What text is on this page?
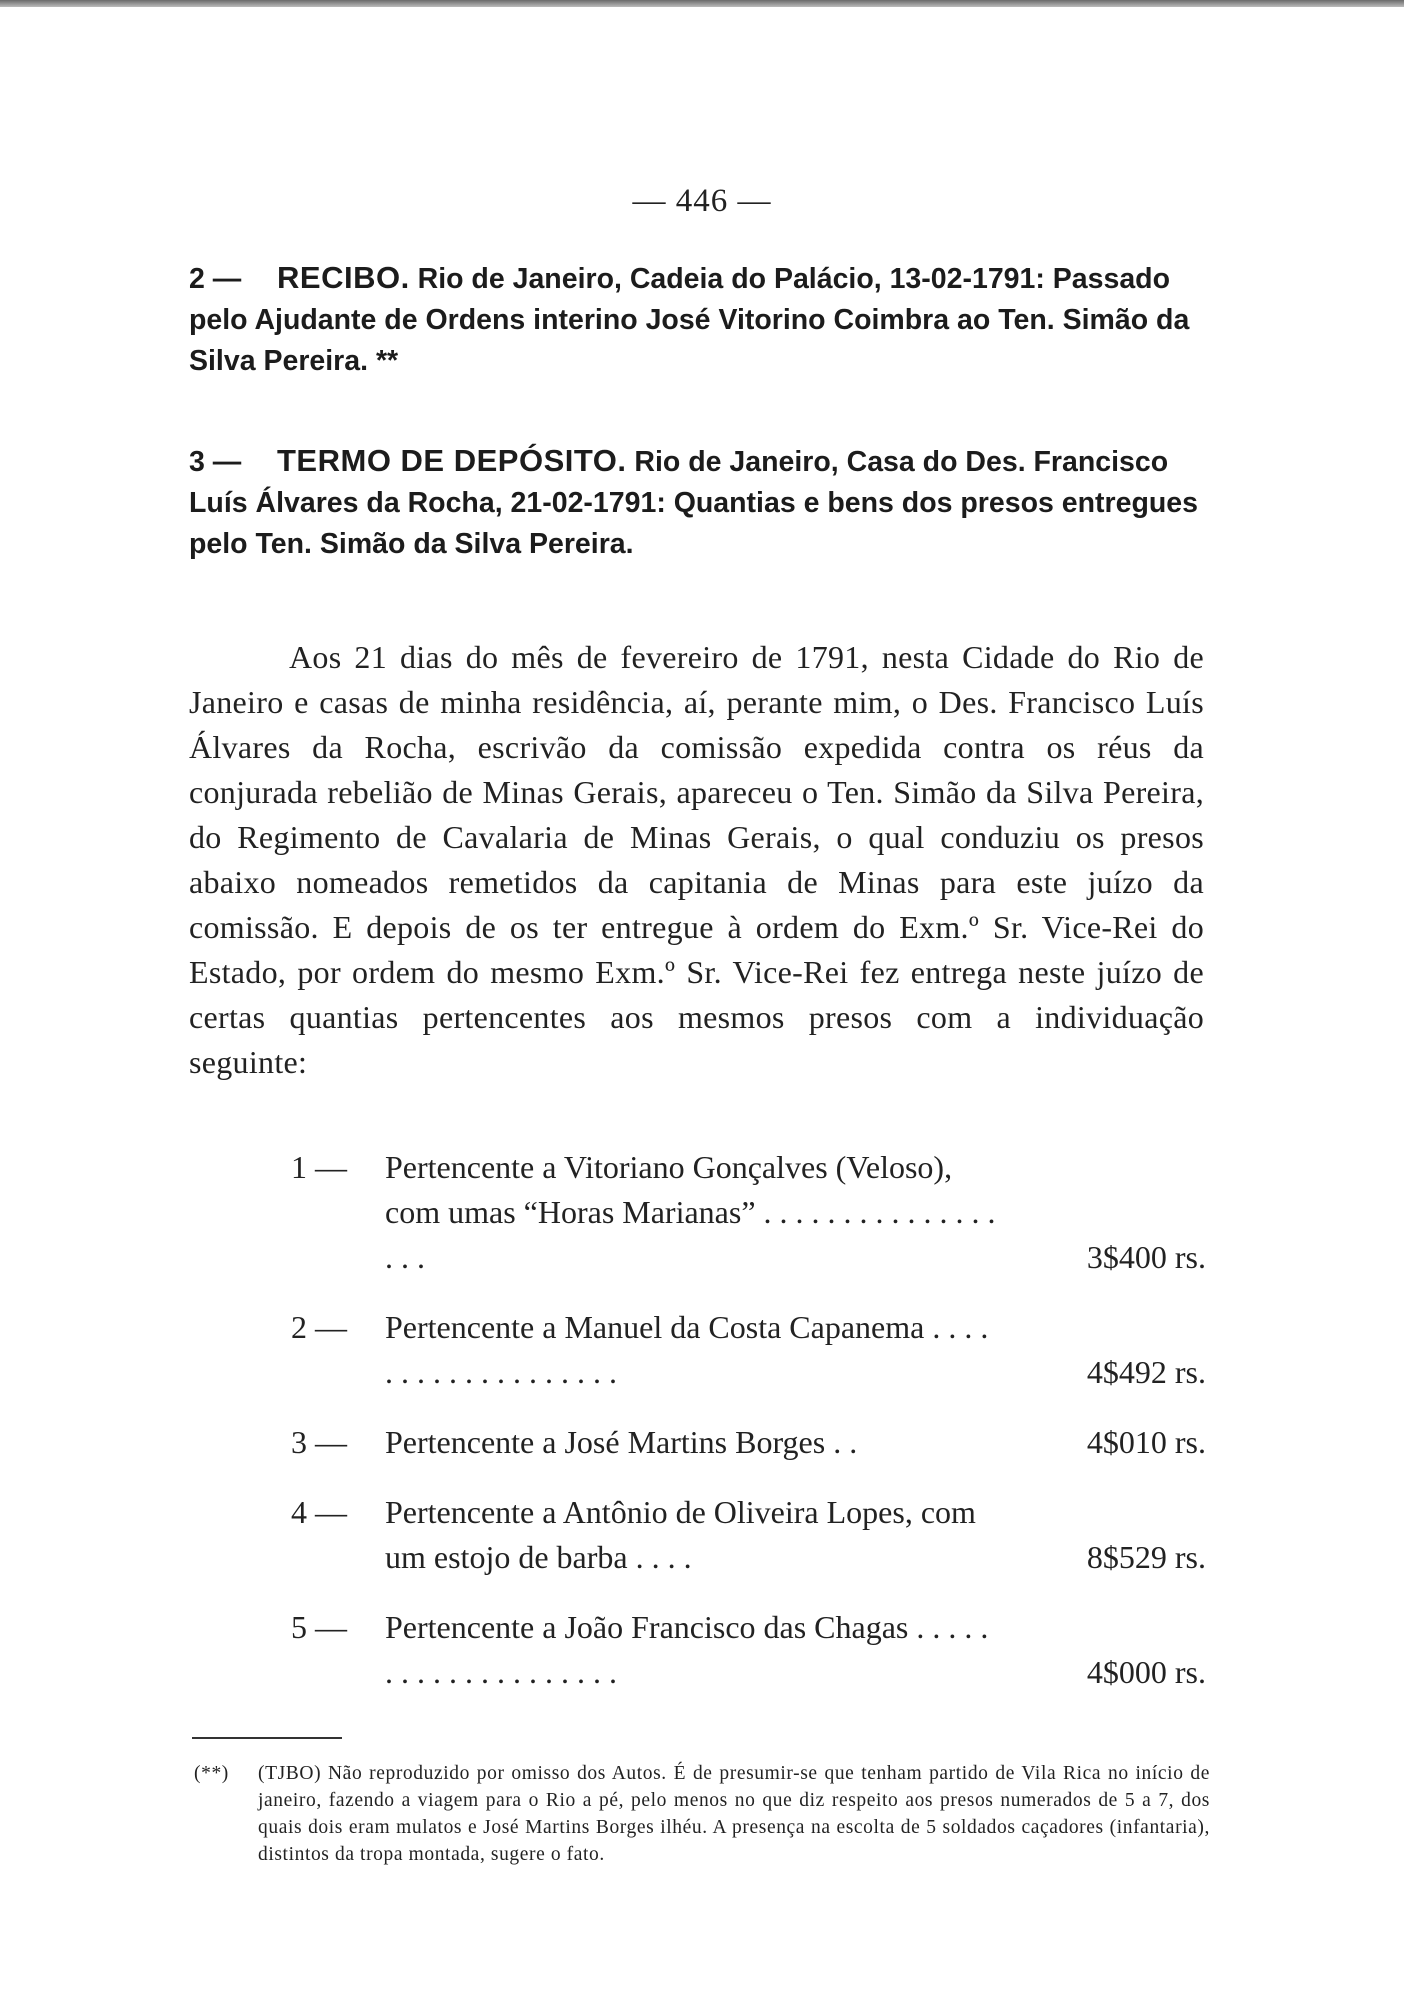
— 446 —
2 — RECIBO. Rio de Janeiro, Cadeia do Palácio, 13-02-1791: Passado pelo Ajudante de Ordens interino José Vitorino Coimbra ao Ten. Simão da Silva Pereira. **
3 — TERMO DE DEPÓSITO. Rio de Janeiro, Casa do Des. Francisco Luís Álvares da Rocha, 21-02-1791: Quantias e bens dos presos entregues pelo Ten. Simão da Silva Pereira.

Aos 21 dias do mês de fevereiro de 1791, nesta Cidade do Rio de Janeiro e casas de minha residência, aí, perante mim, o Des. Francisco Luís Álvares da Rocha, escrivão da comissão expedida contra os réus da conjurada rebelião de Minas Gerais, apareceu o Ten. Simão da Silva Pereira, do Regimento de Cavalaria de Minas Gerais, o qual conduziu os presos abaixo nomeados remetidos da capitania de Minas para este juízo da comissão. E depois de os ter entregue à ordem do Exm.º Sr. Vice-Rei do Estado, por ordem do mesmo Exm.º Sr. Vice-Rei fez entrega neste juízo de certas quantias pertencentes aos mesmos presos com a individuação seguinte:

1 — Pertencente a Vitoriano Gonçalves (Veloso), com umas “Horas Marianas” . . . . . . . . . . . . . . . . . .	3$400 rs.
2 — Pertencente a Manuel da Costa Capanema . . . . . . . . . . . . . . . . . . .	4$492 rs.
3 — Pertencente a José Martins Borges . .	4$010 rs.
4 — Pertencente a Antônio de Oliveira Lopes, com um estojo de barba . . . .	8$529 rs.
5 — Pertencente a João Francisco das Chagas . . . . . . . . . . . . . . . . . . . .	4$000 rs.

(**) (TJBO) Não reproduzido por omisso dos Autos. É de presumir-se que tenham partido de Vila Rica no início de janeiro, fazendo a viagem para o Rio a pé, pelo menos no que diz respeito aos presos numerados de 5 a 7, dos quais dois eram mulatos e José Martins Borges ilhéu. A presença na escolta de 5 soldados caçadores (infantaria), distintos da tropa montada, sugere o fato.
